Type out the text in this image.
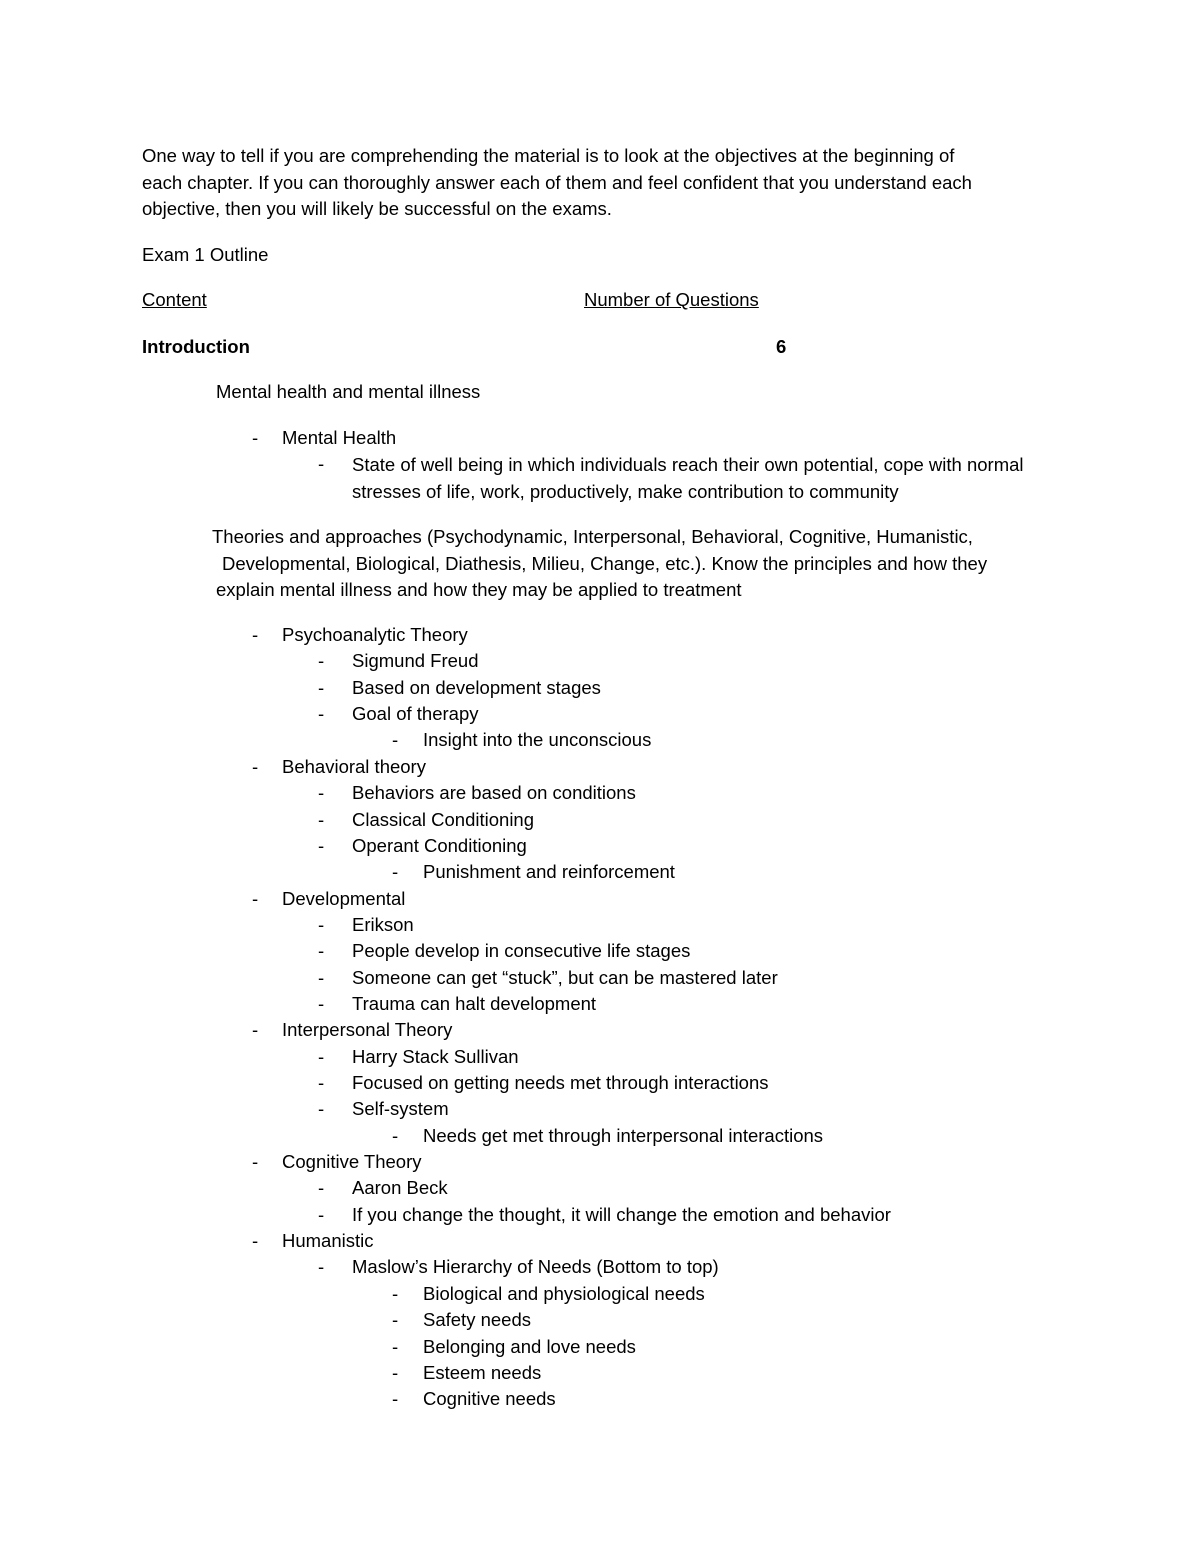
One way to tell if you are comprehending the material is to look at the objectives at the beginning of
each chapter. If you can thoroughly answer each of them and feel confident that you understand each
objective, then you will likely be successful on the exams.

Exam 1 Outline
Content	Number of Questions
Introduction	6
Mental health and mental illness
- Mental Health
- State of well being in which individuals reach their own potential, cope with normal stresses of life, work, productively, make contribution to community

Theories and approaches (Psychodynamic, Interpersonal, Behavioral, Cognitive, Humanistic,
Developmental, Biological, Diathesis, Milieu, Change, etc.). Know the principles and how they
explain mental illness and how they may be applied to treatment

- Psychoanalytic Theory
- Sigmund Freud
- Based on development stages
- Goal of therapy
- Insight into the unconscious
- Behavioral theory
- Behaviors are based on conditions
- Classical Conditioning
- Operant Conditioning
- Punishment and reinforcement
- Developmental
- Erikson
- People develop in consecutive life stages
- Someone can get “stuck”, but can be mastered later
- Trauma can halt development
- Interpersonal Theory
- Harry Stack Sullivan
- Focused on getting needs met through interactions
- Self-system
- Needs get met through interpersonal interactions
- Cognitive Theory
- Aaron Beck
- If you change the thought, it will change the emotion and behavior
- Humanistic
- Maslow’s Hierarchy of Needs (Bottom to top)
- Biological and physiological needs
- Safety needs
- Belonging and love needs
- Esteem needs
- Cognitive needs
